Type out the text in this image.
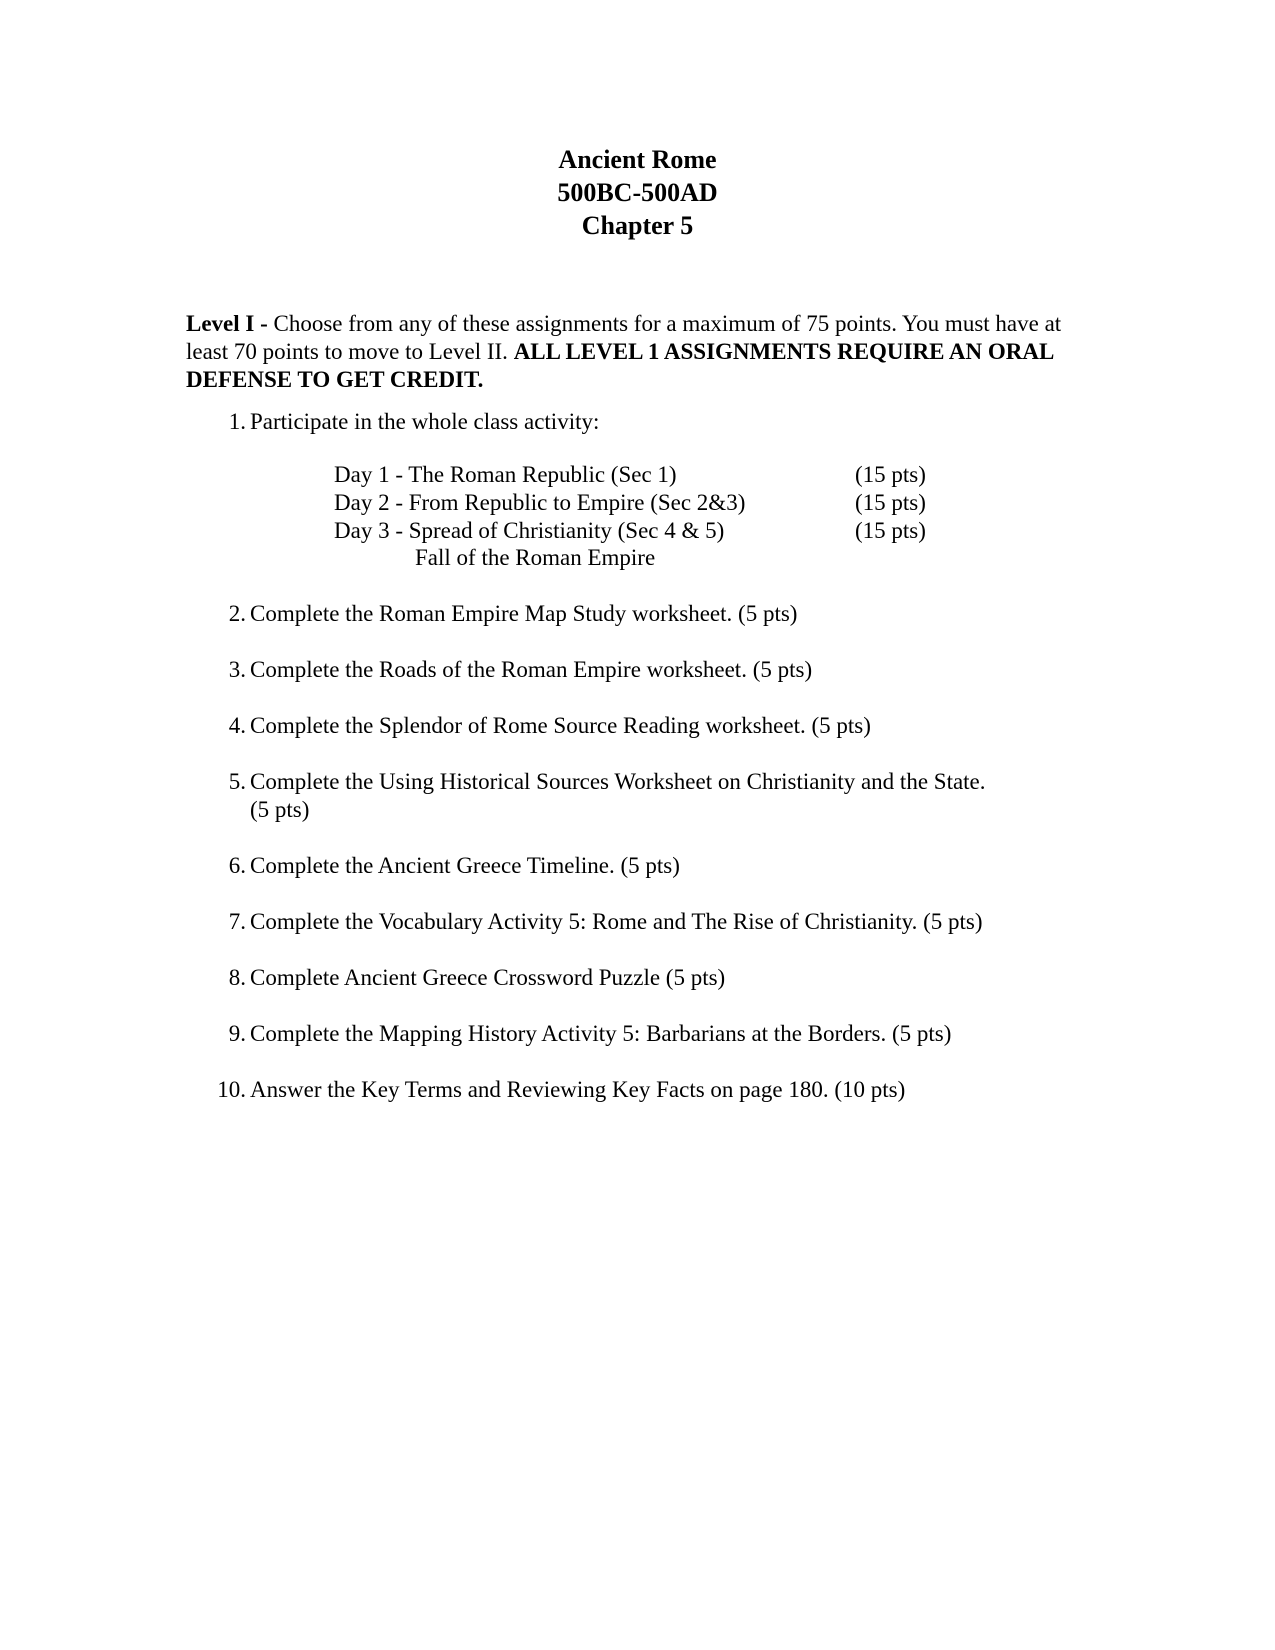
Ancient Rome
500BC-500AD
Chapter 5
Level I - Choose from any of these assignments for a maximum of 75 points. You must have at least 70 points to move to Level II. ALL LEVEL 1 ASSIGNMENTS REQUIRE AN ORAL DEFENSE TO GET CREDIT.
1. Participate in the whole class activity:
Day 1 - The Roman Republic (Sec 1)	(15 pts)
Day 2 - From Republic to Empire (Sec 2&3)	(15 pts)
Day 3 - Spread of Christianity (Sec 4 & 5)	(15 pts)
Fall of the Roman Empire
2. Complete the Roman Empire Map Study worksheet. (5 pts)
3. Complete the Roads of the Roman Empire worksheet. (5 pts)
4. Complete the Splendor of Rome Source Reading worksheet. (5 pts)
5. Complete the Using Historical Sources Worksheet on Christianity and the State.
(5 pts)
6. Complete the Ancient Greece Timeline. (5 pts)
7. Complete the Vocabulary Activity 5: Rome and The Rise of Christianity. (5 pts)
8. Complete Ancient Greece Crossword Puzzle (5 pts)
9. Complete the Mapping History Activity 5: Barbarians at the Borders. (5 pts)
10. Answer the Key Terms and Reviewing Key Facts on page 180. (10 pts)
